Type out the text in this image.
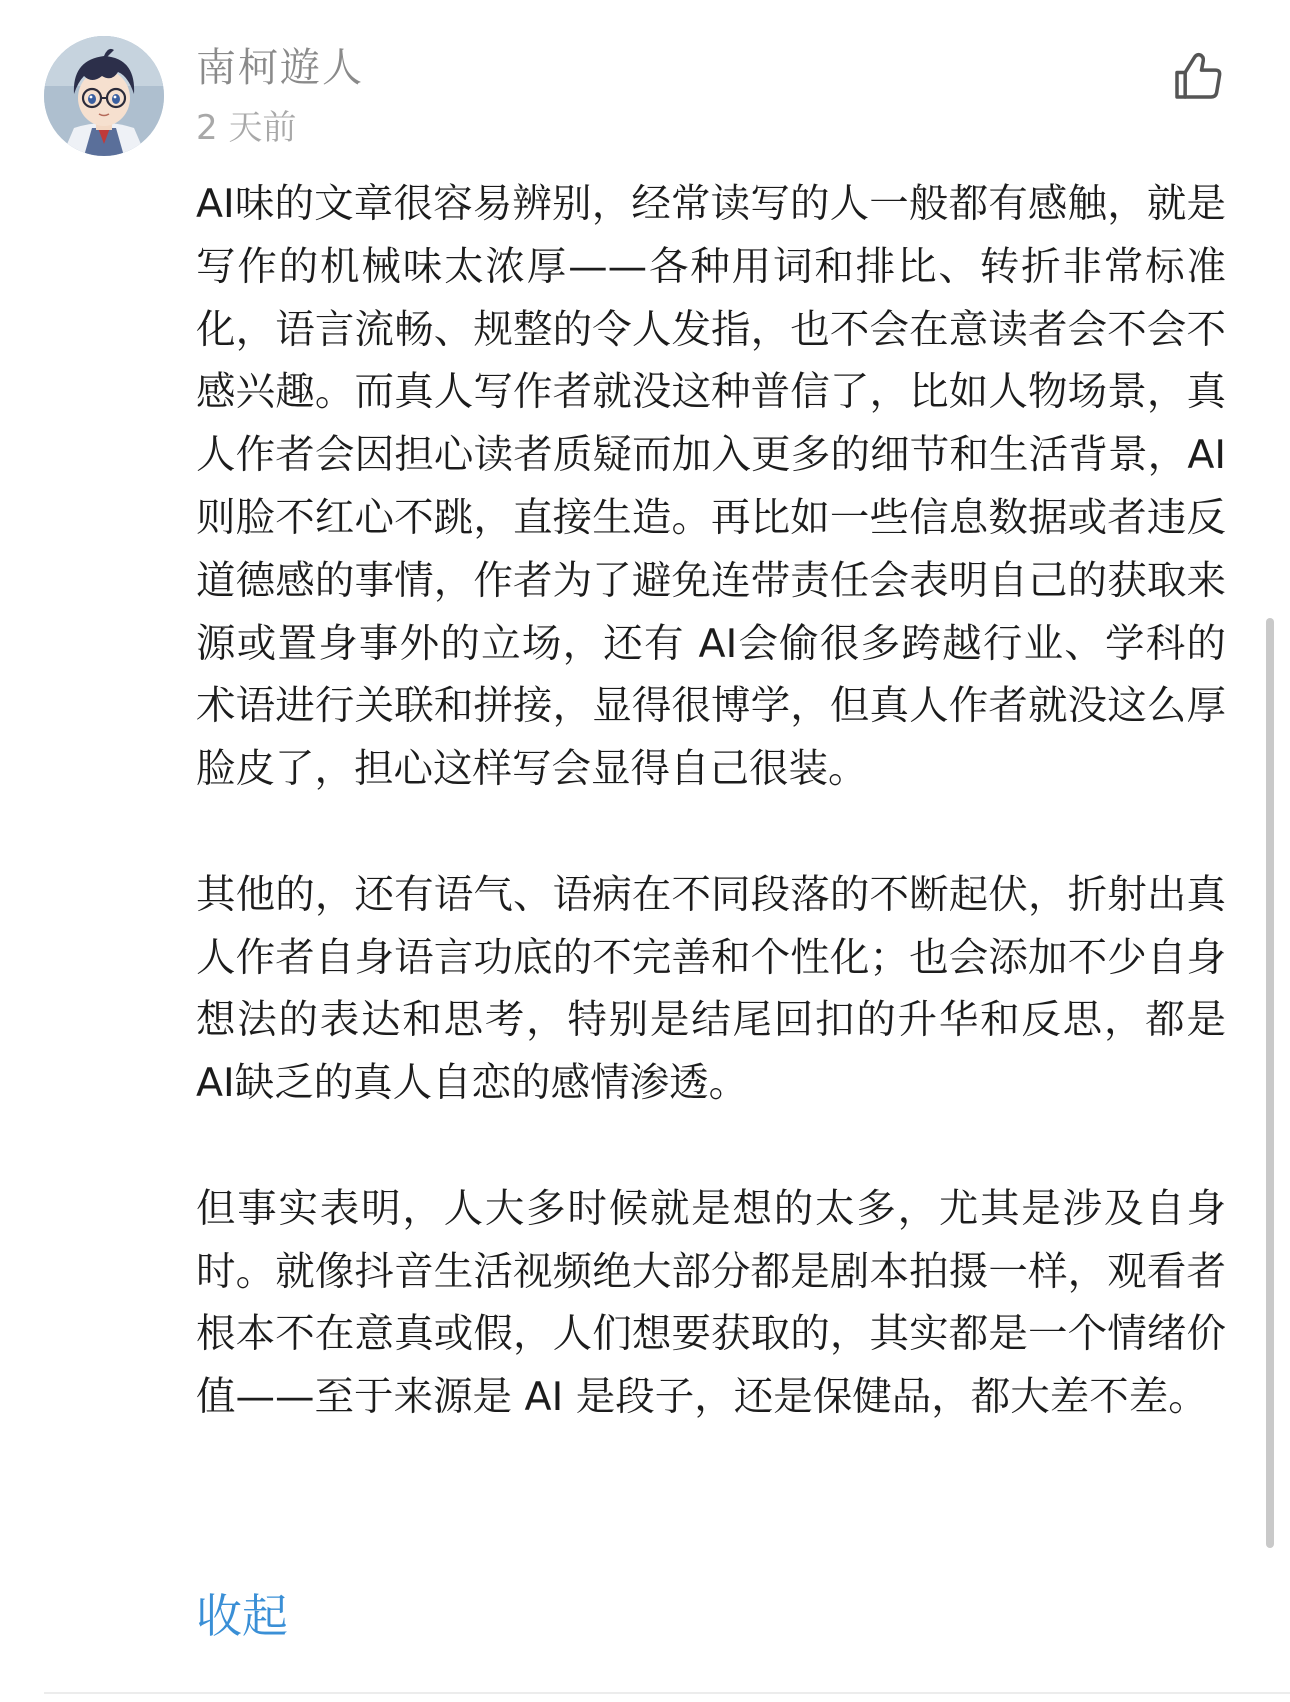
南柯遊人
2 天前

AI味的文章很容易辨别，经常读写的人一般都有感触，就是写作的机械味太浓厚——各种用词和排比、转折非常标准化，语言流畅、规整的令人发指，也不会在意读者会不会不感兴趣。而真人写作者就没这种普信了，比如人物场景，真人作者会因担心读者质疑而加入更多的细节和生活背景，AI则脸不红心不跳，直接生造。再比如一些信息数据或者违反道德感的事情，作者为了避免连带责任会表明自己的获取来源或置身事外的立场，还有 AI会偷很多跨越行业、学科的术语进行关联和拼接，显得很博学，但真人作者就没这么厚脸皮了，担心这样写会显得自己很装。

其他的，还有语气、语病在不同段落的不断起伏，折射出真人作者自身语言功底的不完善和个性化；也会添加不少自身想法的表达和思考，特别是结尾回扣的升华和反思，都是 AI缺乏的真人自恋的感情渗透。

但事实表明，人大多时候就是想的太多，尤其是涉及自身时。就像抖音生活视频绝大部分都是剧本拍摄一样，观看者根本不在意真或假，人们想要获取的，其实都是一个情绪价值——至于来源是 AI 是段子，还是保健品，都大差不差。

收起
